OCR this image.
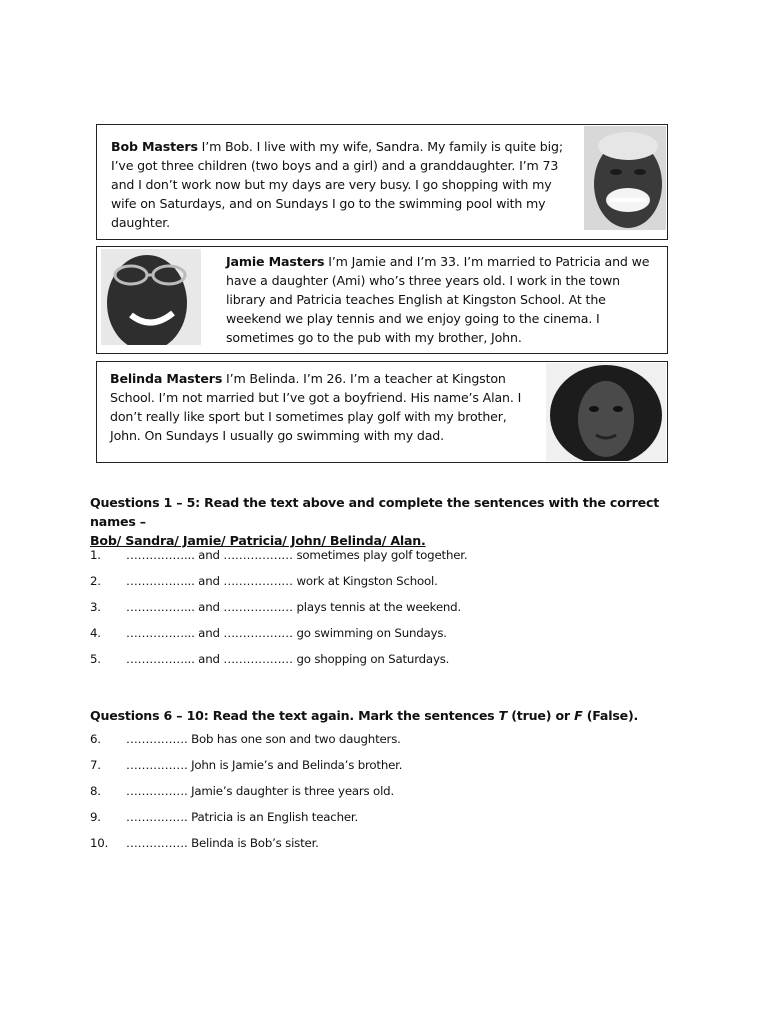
Bob Masters I’m Bob. I live with my wife, Sandra. My family is quite big; I’ve got three children (two boys and a girl) and a granddaughter. I’m 73 and I don’t work now but my days are very busy. I go shopping with my wife on Saturdays, and on Sundays I go to the swimming pool with my daughter.

Jamie Masters I’m Jamie and I’m 33. I’m married to Patricia and we have a daughter (Ami) who’s three years old. I work in the town library and Patricia teaches English at Kingston School. At the weekend we play tennis and we enjoy going to the cinema. I sometimes go to the pub with my brother, John.

Belinda Masters I’m Belinda. I’m 26. I’m a teacher at Kingston School. I’m not married but I’ve got a boyfriend. His name’s Alan. I don’t really like sport but I sometimes play golf with my brother, John. On Sundays I usually go swimming with my dad.

Questions 1 – 5: Read the text above and complete the sentences with the correct names –
Bob/ Sandra/ Jamie/ Patricia/ John/ Belinda/ Alan.
1. ……………... and ……………… sometimes play golf together.
2. ……………... and ……………… work at Kingston School.
3. ……………... and ……………… plays tennis at the weekend.
4. ……………... and ……………… go swimming on Sundays.
5. ……………... and ……………… go shopping on Saturdays.
Questions 6 – 10: Read the text again. Mark the sentences T (true) or F (False).
6. ……………. Bob has one son and two daughters.
7. ……………. John is Jamie’s and Belinda’s brother.
8. ……………. Jamie’s daughter is three years old.
9. ……………. Patricia is an English teacher.
10. ……………. Belinda is Bob’s sister.
